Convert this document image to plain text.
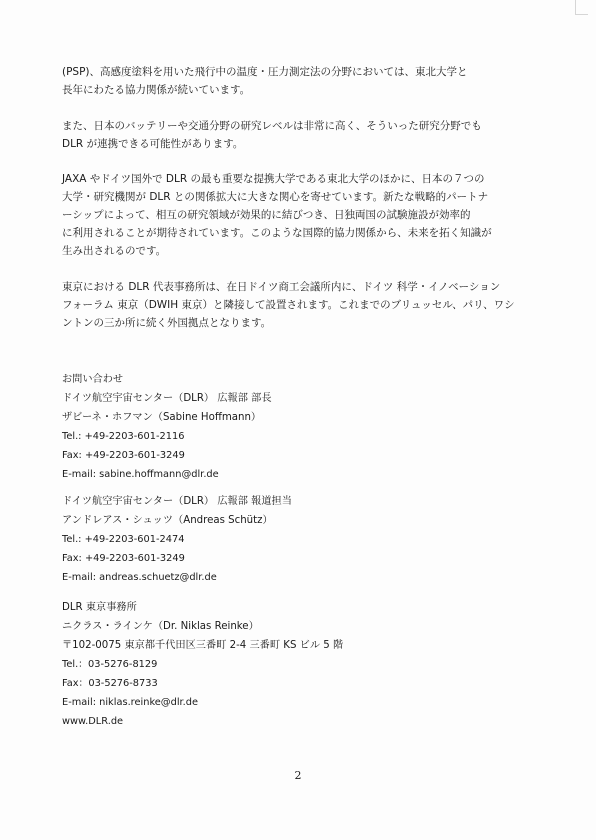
(PSP)、高感度塗料を用いた飛行中の温度・圧力測定法の分野においては、東北大学と
長年にわたる協力関係が続いています。

また、日本のバッテリーや交通分野の研究レベルは非常に高く、そういった研究分野でも
DLR が連携できる可能性があります。

JAXA やドイツ国外で DLR の最も重要な提携大学である東北大学のほかに、日本の７つの
大学・研究機関が DLR との関係拡大に大きな関心を寄せています。新たな戦略的パートナ
ーシップによって、相互の研究領域が効果的に結びつき、日独両国の試験施設が効率的
に利用されることが期待されています。このような国際的協力関係から、未来を拓く知識が
生み出されるのです。

東京における DLR 代表事務所は、在日ドイツ商工会議所内に、ドイツ 科学・イノベーション
フォーラム 東京（DWIH 東京）と隣接して設置されます。これまでのブリュッセル、パリ、ワシ
ントンの三か所に続く外国拠点となります。

お問い合わせ
ドイツ航空宇宙センター（DLR） 広報部 部長
ザビーネ・ホフマン（Sabine Hoffmann）
Tel.: +49-2203-601-2116
Fax: +49-2203-601-3249
E-mail: sabine.hoffmann@dlr.de
ドイツ航空宇宙センター（DLR） 広報部 報道担当
アンドレアス・シュッツ（Andreas Schütz）
Tel.: +49-2203-601-2474
Fax: +49-2203-601-3249
E-mail: andreas.schuetz@dlr.de
DLR 東京事務所
ニクラス・ラインケ（Dr. Niklas Reinke）
〒102-0075 東京都千代田区三番町 2-4 三番町 KS ビル 5 階
Tel.：03-5276-8129
Fax：03-5276-8733
E-mail: niklas.reinke@dlr.de
www.DLR.de
2
